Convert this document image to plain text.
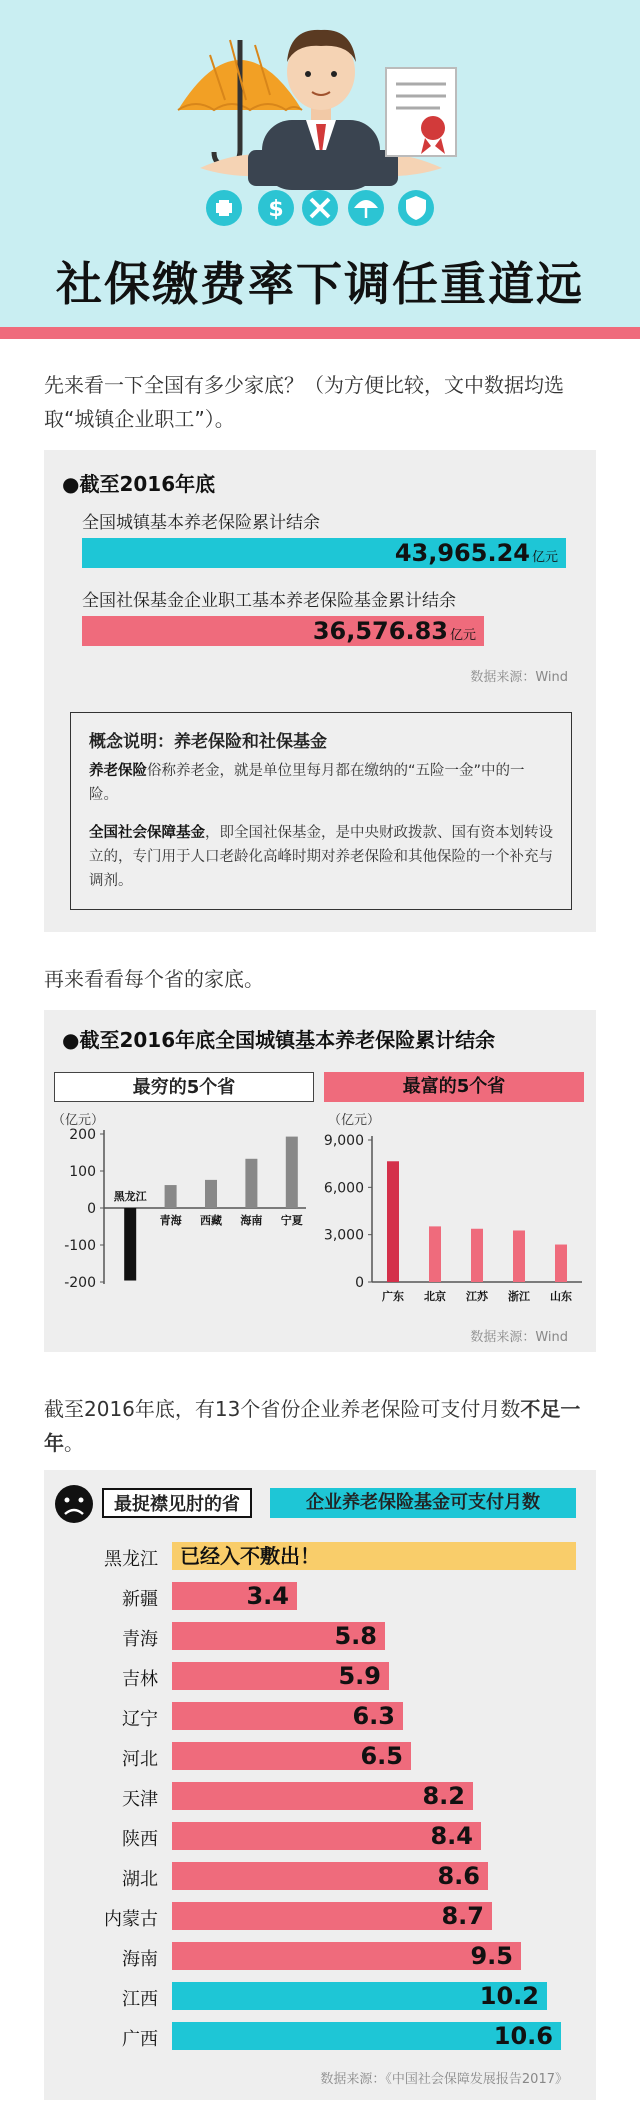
$
社保缴费率下调任重道远
先来看一下全国有多少家底？（为方便比较，文中数据均选取“城镇企业职工”）。
●截至2016年底
全国城镇基本养老保险累计结余
43,965.24 亿元
全国社保基金企业职工基本养老保险基金累计结余
36,576.83 亿元
数据来源：Wind
概念说明：养老保险和社保基金
养老保险俗称养老金，就是单位里每月都在缴纳的“五险一金”中的一险。
全国社会保障基金，即全国社保基金，是中央财政拨款、国有资本划转设立的，专门用于人口老龄化高峰时期对养老保险和其他保险的一个补充与调剂。
再来看看每个省的家底。
●截至2016年底全国城镇基本养老保险累计结余
最穷的5个省	最富的5个省
（亿元）
200
100
0
-100
-200
黑龙江
青海 西藏 海南 宁夏
（亿元）
9,000
6,000
3,000
0
广东 北京 江苏 浙江 山东
数据来源：Wind
截至2016年底，有13个省份企业养老保险可支付月数不足一年。
最捉襟见肘的省	企业养老保险基金可支付月数
黑龙江 已经入不敷出！
新疆	3.4
青海	5.8
吉林	5.9
辽宁	6.3
河北	6.5
天津	8.2
陕西	8.4
湖北	8.6
内蒙古	8.7
海南	9.5
江西	10.2
广西	10.6
数据来源：《中国社会保障发展报告2017》
